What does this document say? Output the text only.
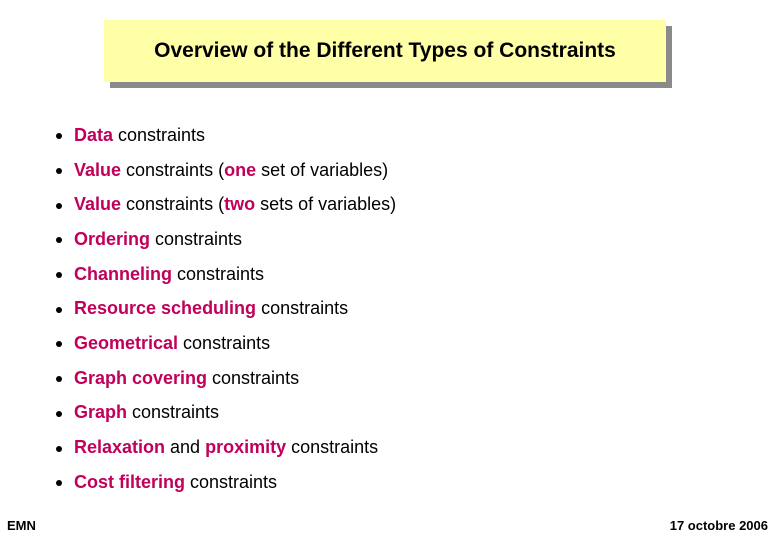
Overview of the Different Types of Constraints
Data constraints
Value constraints (one set of variables)
Value constraints (two sets of variables)
Ordering constraints
Channeling constraints
Resource scheduling constraints
Geometrical constraints
Graph covering constraints
Graph constraints
Relaxation and proximity constraints
Cost filtering constraints
EMN	17 octobre 2006
